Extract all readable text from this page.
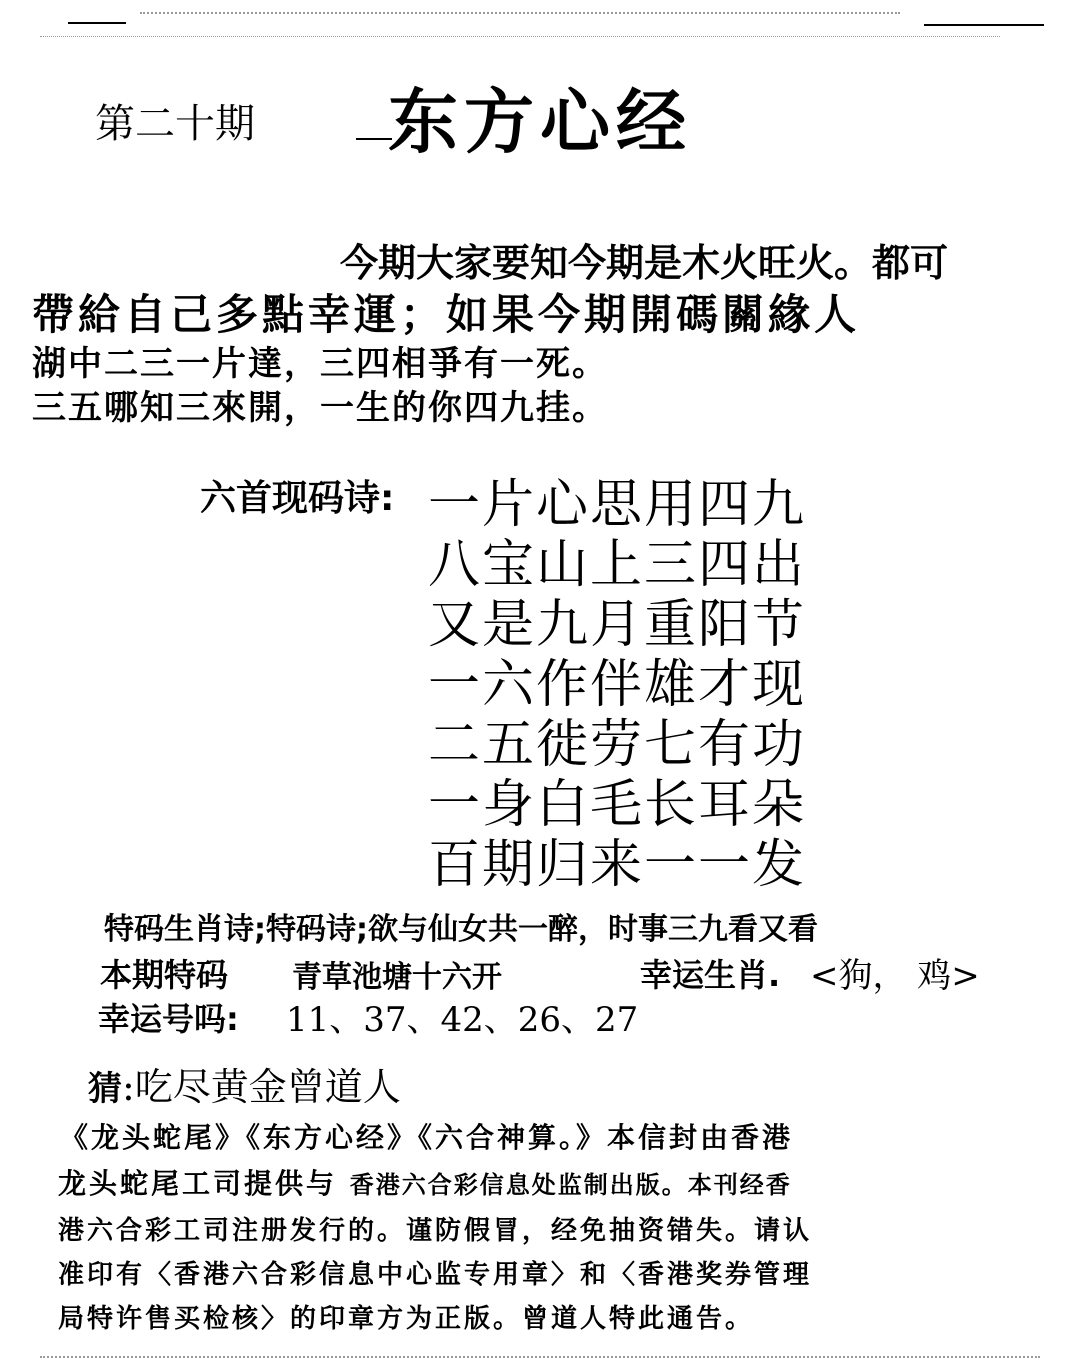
第二十期 东方心经
今期大家要知今期是木火旺火。都可
帶給自己多點幸運；如果今期開碼關緣人
湖中二三一片達，三四相爭有一死。
三五哪知三來開，一生的你四九挂。
六首现码诗: 一片心思用四九
八宝山上三四出
又是九月重阳节
一六作伴雄才现
二五徙劳七有功
一身白毛长耳朵
百期归来一一发
特码生肖诗;特码诗;欲与仙女共一醉，时事三九看又看
本期特码 青草池塘十六开	幸运生肖. <狗， 鸡>
幸运号吗: 11、37、42、26、27
猜:吃尽黄金曾道人
《龙头蛇尾》《东方心经》《六合神算。》本信封由香港
龙头蛇尾工司提供与 香港六合彩信息处监制出版。本刊经香
港六合彩工司注册发行的。谨防假冒，经免抽资错失。请认
准印有〈香港六合彩信息中心监专用章〉和〈香港奖券管理
局特许售买检核〉的印章方为正版。曾道人特此通告。
